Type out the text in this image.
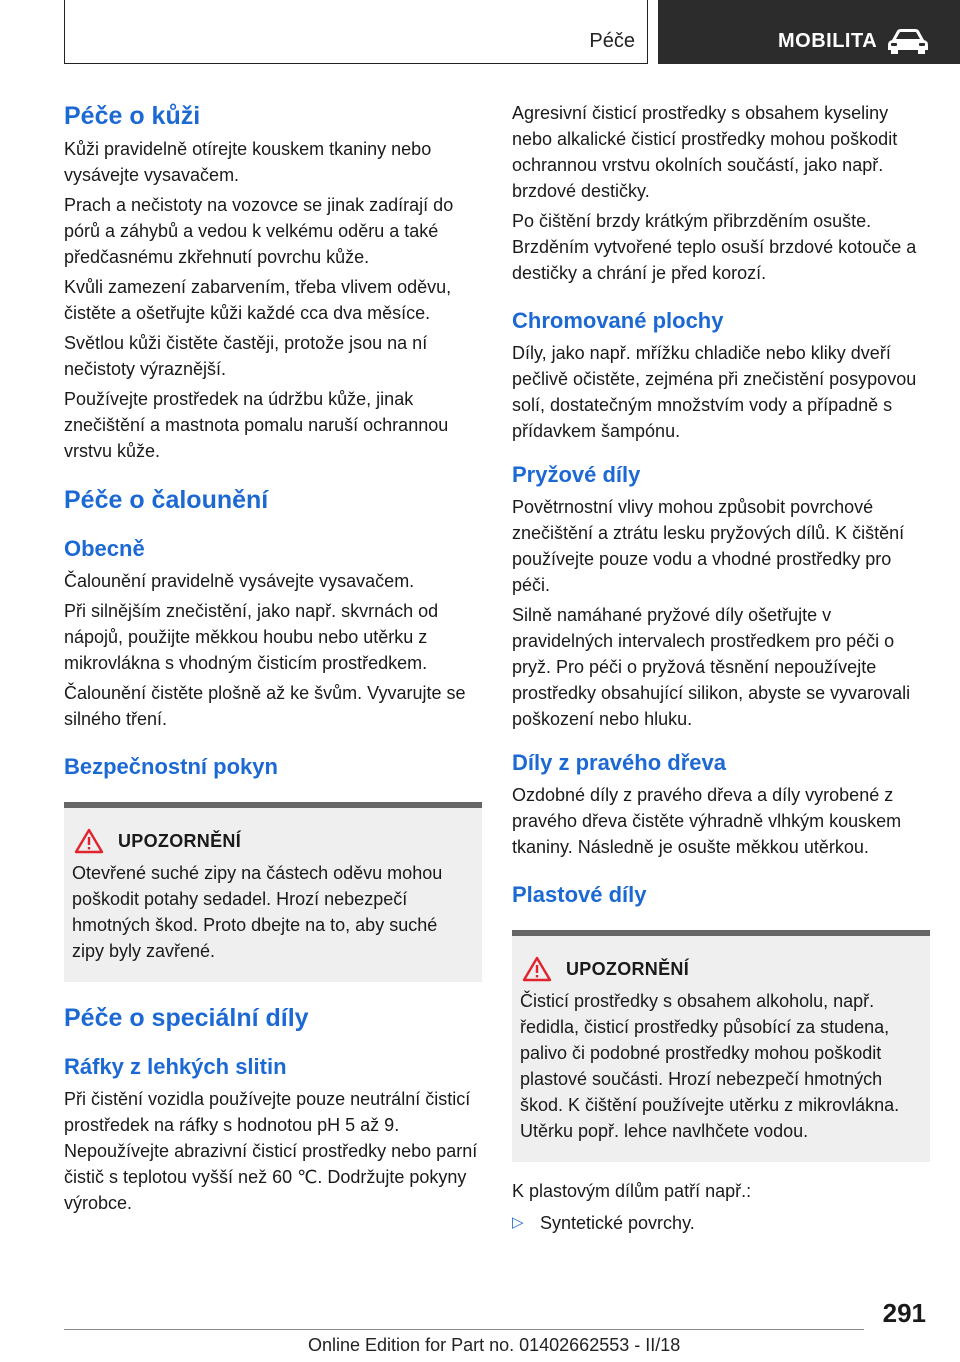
Péče	MOBILITA
Péče o kůži

Kůži pravidelně otírejte kouskem tkaniny nebo vysávejte vysavačem.

Prach a nečistoty na vozovce se jinak zadírají do pórů a záhybů a vedou k velkému oděru a také předčasnému zkřehnutí povrchu kůže.

Kvůli zamezení zabarvením, třeba vlivem oděvu, čistěte a ošetřujte kůži každé cca dva měsíce.

Světlou kůži čistěte častěji, protože jsou na ní nečistoty výraznější.

Používejte prostředek na údržbu kůže, jinak znečištění a mastnota pomalu naruší ochrannou vrstvu kůže.

Péče o čalounění
Obecně

Čalounění pravidelně vysávejte vysavačem.

Při silnějším znečistění, jako např. skvrnách od nápojů, použijte měkkou houbu nebo utěrku z mikrovlákna s vhodným čisticím prostředkem.

Čalounění čistěte plošně až ke švům. Vyvarujte se silného tření.

Bezpečnostní pokyn
UPOZORNĚNÍ

Otevřené suché zipy na částech oděvu mohou poškodit potahy sedadel. Hrozí nebezpečí hmotných škod. Proto dbejte na to, aby suché zipy byly zavřené.

Péče o speciální díly
Ráfky z lehkých slitin

Při čistění vozidla používejte pouze neutrální čisticí prostředek na ráfky s hodnotou pH 5 až 9. Nepoužívejte abrazivní čisticí prostředky nebo parní čistič s teplotou vyšší než 60 ℃. Dodržujte pokyny výrobce.

Agresivní čisticí prostředky s obsahem kyseliny nebo alkalické čisticí prostředky mohou poškodit ochrannou vrstvu okolních součástí, jako např. brzdové destičky.

Po čištění brzdy krátkým přibrzděním osušte. Brzděním vytvořené teplo osuší brzdové kotouče a destičky a chrání je před korozí.

Chromované plochy

Díly, jako např. mřížku chladiče nebo kliky dveří pečlivě očistěte, zejména při znečistění posypovou solí, dostatečným množstvím vody a případně s přídavkem šampónu.

Pryžové díly

Povětrnostní vlivy mohou způsobit povrchové znečištění a ztrátu lesku pryžových dílů. K čištění používejte pouze vodu a vhodné prostředky pro péči.

Silně namáhané pryžové díly ošetřujte v pravidelných intervalech prostředkem pro péči o pryž. Pro péči o pryžová těsnění nepoužívejte prostředky obsahující silikon, abyste se vyvarovali poškození nebo hluku.

Díly z pravého dřeva

Ozdobné díly z pravého dřeva a díly vyrobené z pravého dřeva čistěte výhradně vlhkým kouskem tkaniny. Následně je osušte měkkou utěrkou.

Plastové díly
UPOZORNĚNÍ

Čisticí prostředky s obsahem alkoholu, např. ředidla, čisticí prostředky působící za studena, palivo či podobné prostředky mohou poškodit plastové součásti. Hrozí nebezpečí hmotných škod. K čištění používejte utěrku z mikrovlákna. Utěrku popř. lehce navlhčete vodou.

K plastovým dílům patří např.:

▷ Syntetické povrchy.

291
Online Edition for Part no. 01402662553 - II/18
